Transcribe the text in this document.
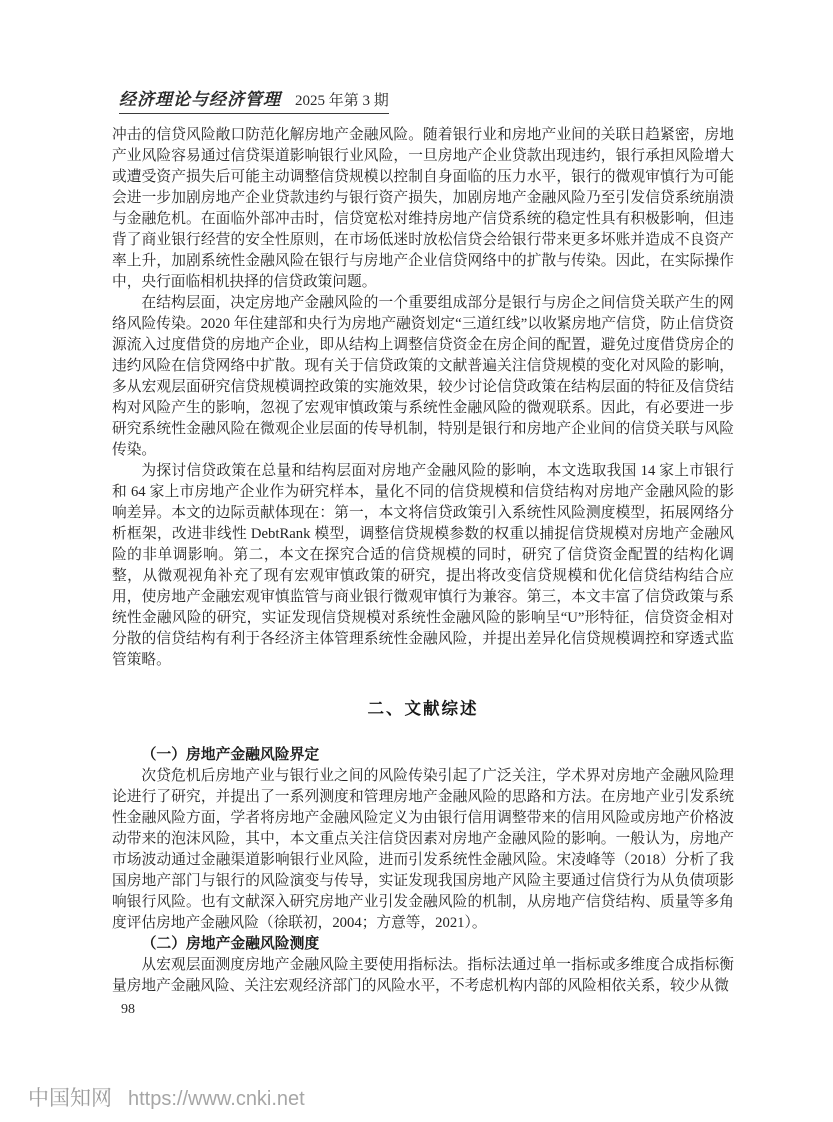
经济理论与经济管理 2025 年第 3 期

冲击的信贷风险敞口防范化解房地产金融风险。随着银行业和房地产业间的关联日趋紧密，房地产业风险容易通过信贷渠道影响银行业风险，一旦房地产企业贷款出现违约，银行承担风险增大或遭受资产损失后可能主动调整信贷规模以控制自身面临的压力水平，银行的微观审慎行为可能会进一步加剧房地产企业贷款违约与银行资产损失，加剧房地产金融风险乃至引发信贷系统崩溃与金融危机。在面临外部冲击时，信贷宽松对维持房地产信贷系统的稳定性具有积极影响，但违背了商业银行经营的安全性原则，在市场低迷时放松信贷会给银行带来更多坏账并造成不良资产率上升，加剧系统性金融风险在银行与房地产企业信贷网络中的扩散与传染。因此，在实际操作中，央行面临相机抉择的信贷政策问题。

在结构层面，决定房地产金融风险的一个重要组成部分是银行与房企之间信贷关联产生的网络风险传染。2020 年住建部和央行为房地产融资划定“三道红线”以收紧房地产信贷，防止信贷资源流入过度借贷的房地产企业，即从结构上调整信贷资金在房企间的配置，避免过度借贷房企的违约风险在信贷网络中扩散。现有关于信贷政策的文献普遍关注信贷规模的变化对风险的影响，多从宏观层面研究信贷规模调控政策的实施效果，较少讨论信贷政策在结构层面的特征及信贷结构对风险产生的影响，忽视了宏观审慎政策与系统性金融风险的微观联系。因此，有必要进一步研究系统性金融风险在微观企业层面的传导机制，特别是银行和房地产企业间的信贷关联与风险传染。

为探讨信贷政策在总量和结构层面对房地产金融风险的影响，本文选取我国 14 家上市银行和 64 家上市房地产企业作为研究样本，量化不同的信贷规模和信贷结构对房地产金融风险的影响差异。本文的边际贡献体现在：第一，本文将信贷政策引入系统性风险测度模型，拓展网络分析框架，改进非线性 DebtRank 模型，调整信贷规模参数的权重以捕捉信贷规模对房地产金融风险的非单调影响。第二，本文在探究合适的信贷规模的同时，研究了信贷资金配置的结构化调整，从微观视角补充了现有宏观审慎政策的研究，提出将改变信贷规模和优化信贷结构结合应用，使房地产金融宏观审慎监管与商业银行微观审慎行为兼容。第三，本文丰富了信贷政策与系统性金融风险的研究，实证发现信贷规模对系统性金融风险的影响呈“U”形特征，信贷资金相对分散的信贷结构有利于各经济主体管理系统性金融风险，并提出差异化信贷规模调控和穿透式监管策略。

二、文献综述
（一）房地产金融风险界定

次贷危机后房地产业与银行业之间的风险传染引起了广泛关注，学术界对房地产金融风险理论进行了研究，并提出了一系列测度和管理房地产金融风险的思路和方法。在房地产业引发系统性金融风险方面，学者将房地产金融风险定义为由银行信用调整带来的信用风险或房地产价格波动带来的泡沫风险，其中，本文重点关注信贷因素对房地产金融风险的影响。一般认为，房地产市场波动通过金融渠道影响银行业风险，进而引发系统性金融风险。宋凌峰等（2018）分析了我国房地产部门与银行的风险演变与传导，实证发现我国房地产风险主要通过信贷行为从负债项影响银行风险。也有文献深入研究房地产业引发金融风险的机制，从房地产信贷结构、质量等多角度评估房地产金融风险（徐联初，2004；方意等，2021）。

（二）房地产金融风险测度

从宏观层面测度房地产金融风险主要使用指标法。指标法通过单一指标或多维度合成指标衡量房地产金融风险、关注宏观经济部门的风险水平，不考虑机构内部的风险相依关系，较少从微

98
中国知网 https://www.cnki.net
